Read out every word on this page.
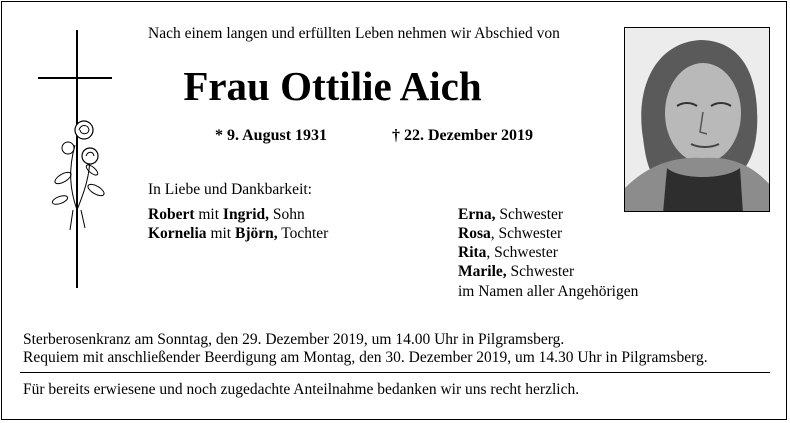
Nach einem langen und erfüllten Leben nehmen wir Abschied von
Frau Ottilie Aich
* 9. August 1931	† 22. Dezember 2019
In Liebe und Dankbarkeit:
Robert mit Ingrid, Sohn
Kornelia mit Björn, Tochter
Erna, Schwester
Rosa, Schwester
Rita, Schwester
Marile, Schwester
im Namen aller Angehörigen
Sterberosenkranz am Sonntag, den 29. Dezember 2019, um 14.00 Uhr in Pilgramsberg.
Requiem mit anschließender Beerdigung am Montag, den 30. Dezember 2019, um 14.30 Uhr in Pilgramsberg.
Für bereits erwiesene und noch zugedachte Anteilnahme bedanken wir uns recht herzlich.
